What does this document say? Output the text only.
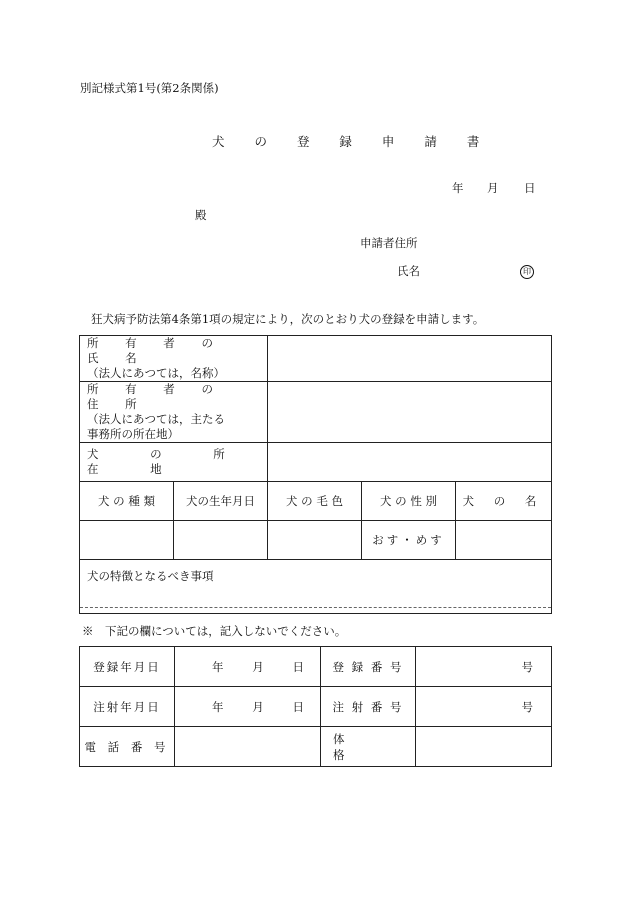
別記様式第1号(第2条関係)
犬 の 登 録 申 請 書
年 月 日
殿
申請者住所
氏名	印
狂犬病予防法第4条第1項の規定により，次のとおり犬の登録を申請します。
所 有 者 の 氏 名
（法人にあつては，名称）				

所 有 者 の 住 所
（法人にあつては，主たる
事務所の所在地）				

犬 の 所 在 地				

犬 の 種 類	犬の生年月日	犬 の 毛 色	犬 の 性 別	犬 の 名
			おす・めす	

犬の特徴となるべき事項				
※　下記の欄については，記入しないでください。
登録年月日	年 月 日	登 録 番 号	号
注射年月日	年 月 日	注 射 番 号	号
電 話 番 号		体 格	
